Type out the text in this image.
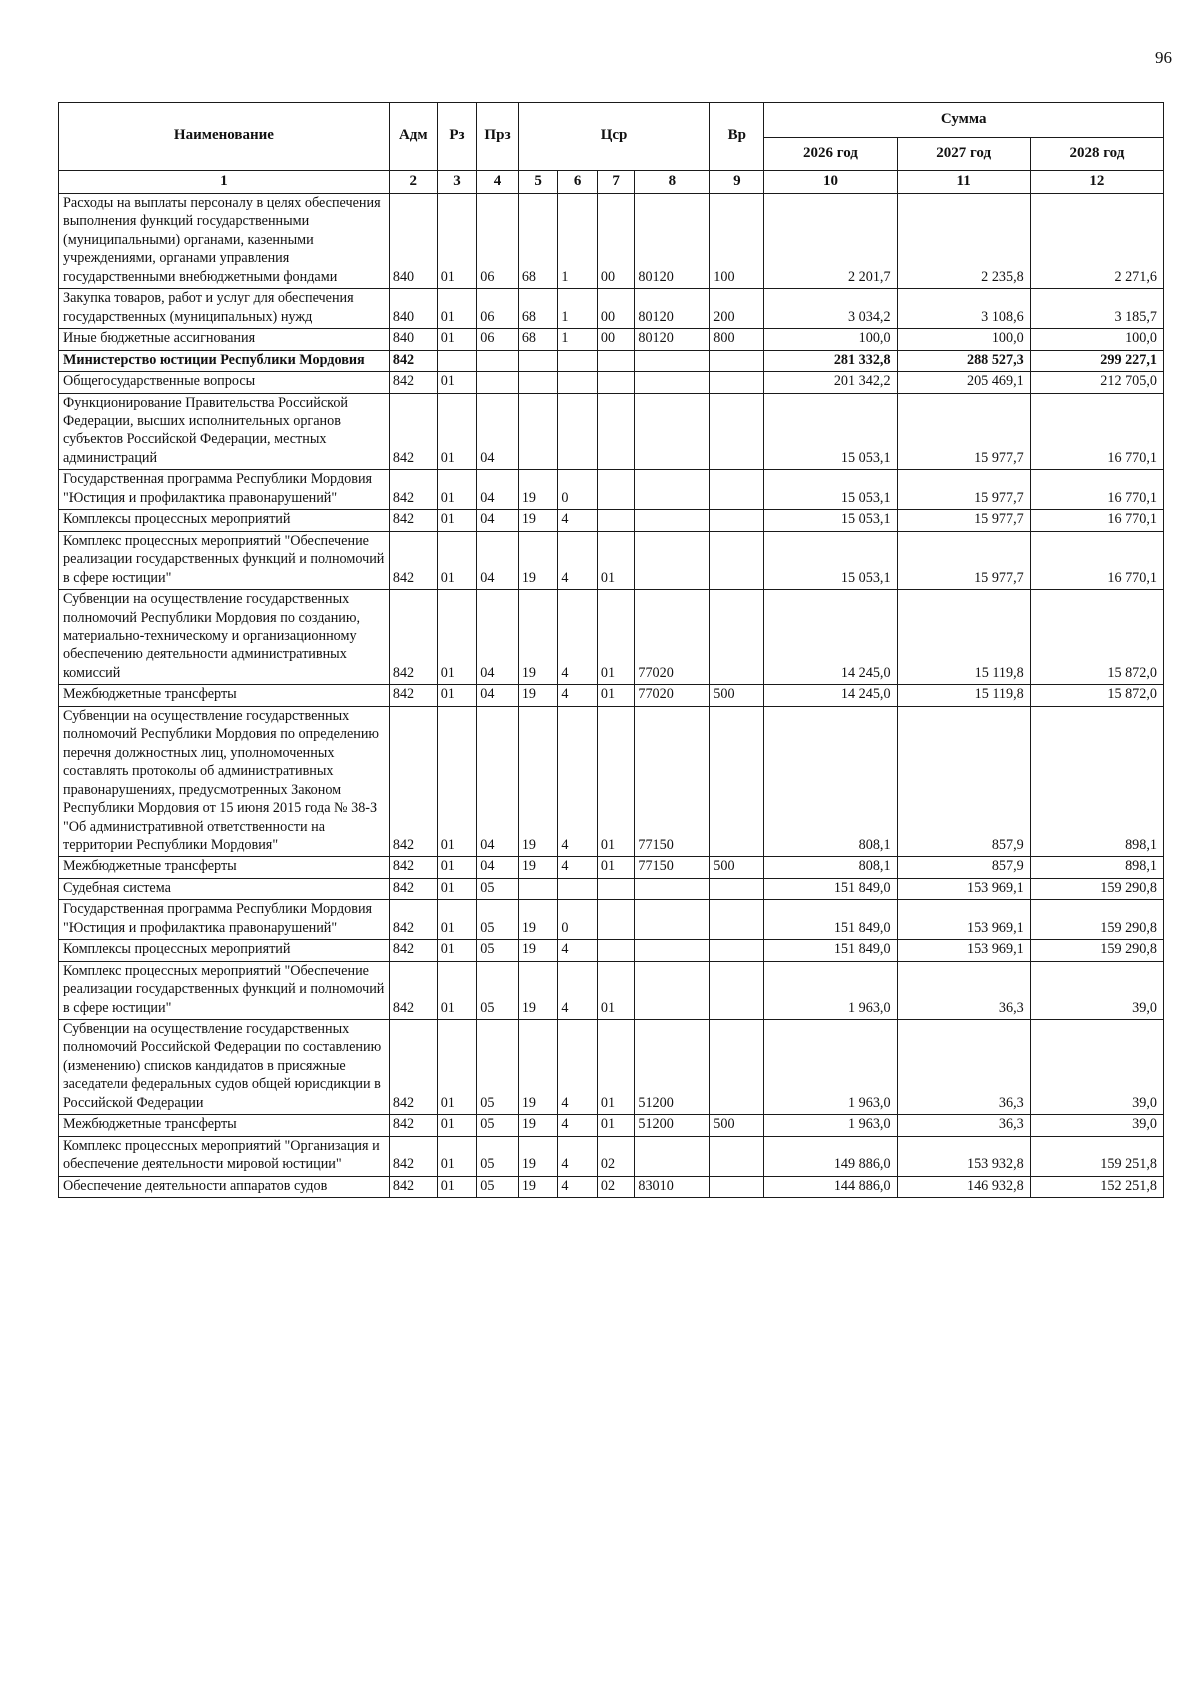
96
Наименование	Адм	Рз	Прз	Цср				Вр	Сумма		
									2026 год	2027 год	2028 год
1	2	3	4	5	6	7	8	9	10	11	12
Расходы на выплаты персоналу в целях обеспечения выполнения функций государственными (муниципальными) органами, казенными учреждениями, органами управления государственными внебюджетными фондами	840	01	06	68	1	00	80120	100	2 201,7	2 235,8	2 271,6
Закупка товаров, работ и услуг для обеспечения государственных (муниципальных) нужд	840	01	06	68	1	00	80120	200	3 034,2	3 108,6	3 185,7
Иные бюджетные ассигнования	840	01	06	68	1	00	80120	800	100,0	100,0	100,0
Министерство юстиции Республики Мордовия	842								281 332,8	288 527,3	299 227,1
Общегосударственные вопросы	842	01							201 342,2	205 469,1	212 705,0
Функционирование Правительства Российской Федерации, высших исполнительных органов субъектов Российской Федерации, местных администраций	842	01	04						15 053,1	15 977,7	16 770,1
Государственная программа Республики Мордовия "Юстиция и профилактика правонарушений"	842	01	04	19	0				15 053,1	15 977,7	16 770,1
Комплексы процессных мероприятий	842	01	04	19	4				15 053,1	15 977,7	16 770,1
Комплекс процессных мероприятий "Обеспечение реализации государственных функций и полномочий в сфере юстиции"	842	01	04	19	4	01			15 053,1	15 977,7	16 770,1
Субвенции на осуществление государственных полномочий Республики Мордовия по созданию, материально-техническому и организационному обеспечению деятельности административных комиссий	842	01	04	19	4	01	77020		14 245,0	15 119,8	15 872,0
Межбюджетные трансферты	842	01	04	19	4	01	77020	500	14 245,0	15 119,8	15 872,0
Субвенции на осуществление государственных полномочий Республики Мордовия по определению перечня должностных лиц, уполномоченных составлять протоколы об административных правонарушениях, предусмотренных Законом Республики Мордовия от 15 июня 2015 года № 38-З "Об административной ответственности на территории Республики Мордовия"	842	01	04	19	4	01	77150		808,1	857,9	898,1
Межбюджетные трансферты	842	01	04	19	4	01	77150	500	808,1	857,9	898,1
Судебная система	842	01	05						151 849,0	153 969,1	159 290,8
Государственная программа Республики Мордовия "Юстиция и профилактика правонарушений"	842	01	05	19	0				151 849,0	153 969,1	159 290,8
Комплексы процессных мероприятий	842	01	05	19	4				151 849,0	153 969,1	159 290,8
Комплекс процессных мероприятий "Обеспечение реализации государственных функций и полномочий в сфере юстиции"	842	01	05	19	4	01			1 963,0	36,3	39,0
Субвенции на осуществление государственных полномочий Российской Федерации по составлению (изменению) списков кандидатов в присяжные заседатели федеральных судов общей юрисдикции в Российской Федерации	842	01	05	19	4	01	51200		1 963,0	36,3	39,0
Межбюджетные трансферты	842	01	05	19	4	01	51200	500	1 963,0	36,3	39,0
Комплекс процессных мероприятий "Организация и обеспечение деятельности мировой юстиции"	842	01	05	19	4	02			149 886,0	153 932,8	159 251,8
Обеспечение деятельности аппаратов судов	842	01	05	19	4	02	83010		144 886,0	146 932,8	152 251,8
